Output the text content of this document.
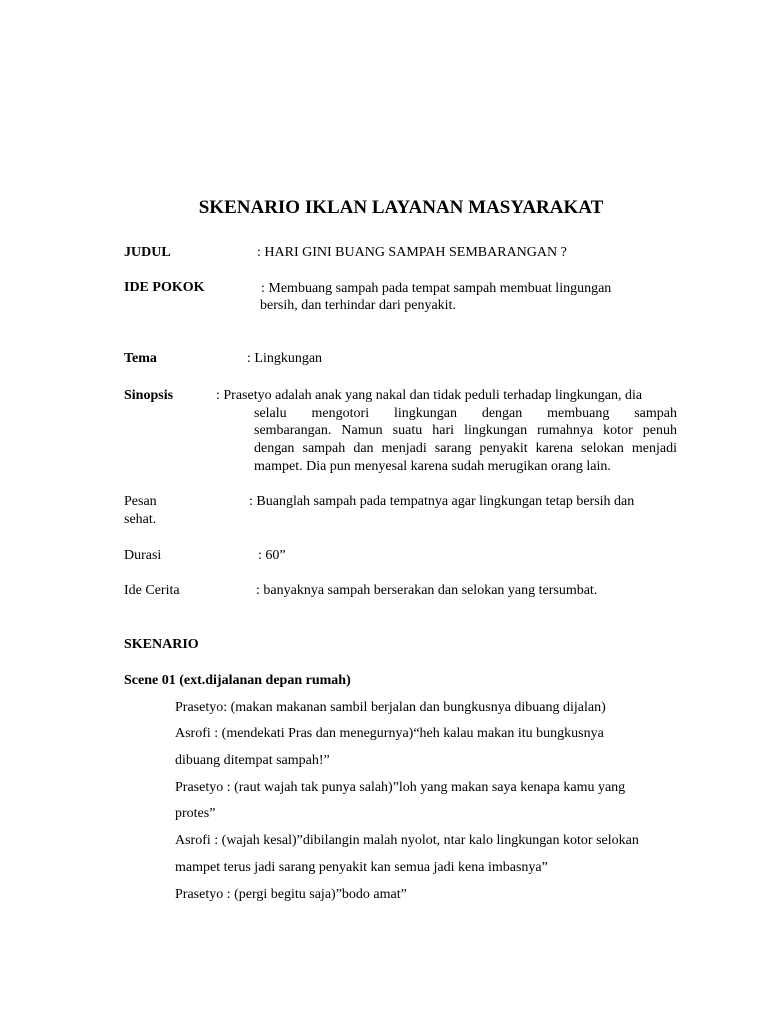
SKENARIO IKLAN LAYANAN MASYARAKAT
JUDUL	: HARI GINI BUANG SAMPAH SEMBARANGAN ?
IDE POKOK	: Membuang sampah pada tempat sampah membuat lingungan
bersih, dan terhindar dari penyakit.
Tema	: Lingkungan
Sinopsis	: Prasetyo adalah anak yang nakal dan tidak peduli terhadap lingkungan, dia
selalu mengotori lingkungan dengan membuang sampah
sembarangan. Namun suatu hari lingkungan rumahnya kotor penuh
dengan sampah dan menjadi sarang penyakit karena selokan menjadi
mampet. Dia pun menyesal karena sudah merugikan orang lain.
Pesan	: Buanglah sampah pada tempatnya agar lingkungan tetap bersih dan
sehat.
Durasi	: 60”
Ide Cerita	: banyaknya sampah berserakan dan selokan yang tersumbat.
SKENARIO
Scene 01 (ext.dijalanan depan rumah)
Prasetyo: (makan makanan sambil berjalan dan bungkusnya dibuang dijalan)
Asrofi : (mendekati Pras dan menegurnya)“heh kalau makan itu bungkusnya
dibuang ditempat sampah!”
Prasetyo : (raut wajah tak punya salah)”loh yang makan saya kenapa kamu yang
protes”
Asrofi : (wajah kesal)”dibilangin malah nyolot, ntar kalo lingkungan kotor selokan
mampet terus jadi sarang penyakit kan semua jadi kena imbasnya”
Prasetyo : (pergi begitu saja)”bodo amat”
